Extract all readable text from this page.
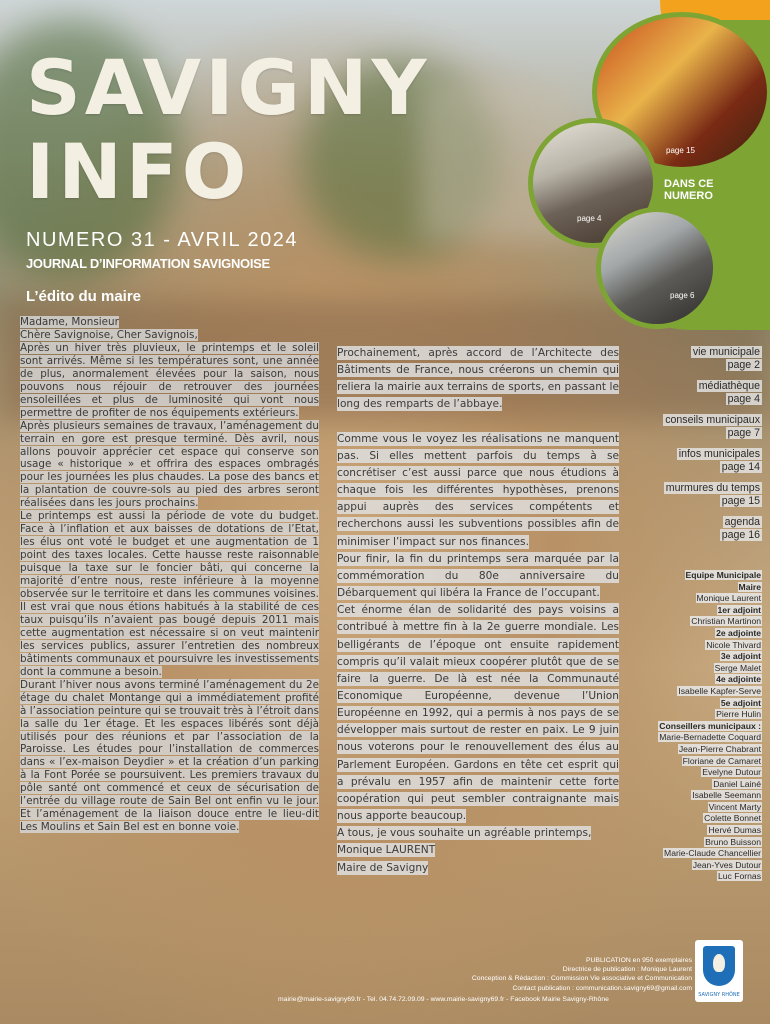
SAVIGNY
INFO
NUMERO 31 - AVRIL 2024
JOURNAL D’INFORMATION SAVIGNOISE
L’édito du maire
page 15
page 4
page 6
DANS CE
NUMERO

Madame, Monsieur

Chère Savignoise, Cher Savignois,

Après un hiver très pluvieux, le printemps et le soleil sont arrivés. Même si les températures sont, une année de plus, anormalement élevées pour la saison, nous pouvons nous réjouir de retrouver des journées ensoleillées et plus de luminosité qui vont nous permettre de profiter de nos équipements extérieurs.

Après plusieurs semaines de travaux, l’aménagement du terrain en gore est presque terminé. Dès avril, nous allons pouvoir apprécier cet espace qui conserve son usage « historique » et offrira des espaces ombragés pour les journées les plus chaudes. La pose des bancs et la plantation de couvre-sols au pied des arbres seront réalisées dans les jours prochains.

Le printemps est aussi la période de vote du budget. Face à l’inflation et aux baisses de dotations de l’Etat, les élus ont voté le budget et une augmentation de 1 point des taxes locales. Cette hausse reste raisonnable puisque la taxe sur le foncier bâti, qui concerne la majorité d’entre nous, reste inférieure à la moyenne observée sur le territoire et dans les communes voisines. Il est vrai que nous étions habitués à la stabilité de ces taux puisqu’ils n’avaient pas bougé depuis 2011 mais cette augmentation est nécessaire si on veut maintenir les services publics, assurer l’entretien des nombreux bâtiments communaux et poursuivre les investissements dont la commune a besoin.

Durant l’hiver nous avons terminé l’aménagement du 2e étage du chalet Montange qui a immédiatement profité à l’association peinture qui se trouvait très à l’étroit dans la salle du 1er étage. Et les espaces libérés sont déjà utilisés pour des réunions et par l’association de la Paroisse. Les études pour l’installation de commerces dans « l’ex-maison Deydier » et la création d’un parking à la Font Porée se poursuivent. Les premiers travaux du pôle santé ont commencé et ceux de sécurisation de l’entrée du village route de Sain Bel ont enfin vu le jour. Et l’aménagement de la liaison douce entre le lieu-dit Les Moulins et Sain Bel est en bonne voie.

Prochainement, après accord de l’Architecte des Bâtiments de France, nous créerons un chemin qui reliera la mairie aux terrains de sports, en passant le long des remparts de l’abbaye.

Comme vous le voyez les réalisations ne manquent pas. Si elles mettent parfois du temps à se concrétiser c’est aussi parce que nous étudions à chaque fois les différentes hypothèses, prenons appui auprès des services compétents et recherchons aussi les subventions possibles afin de minimiser l’impact sur nos finances.

Pour finir, la fin du printemps sera marquée par la commémoration du 80e anniversaire du Débarquement qui libéra la France de l’occupant.

Cet énorme élan de solidarité des pays voisins a contribué à mettre fin à la 2e guerre mondiale. Les belligérants de l’époque ont ensuite rapidement compris qu’il valait mieux coopérer plutôt que de se faire la guerre. De là est née la Communauté Economique Européenne, devenue l’Union Européenne en 1992, qui a permis à nos pays de se développer mais surtout de rester en paix. Le 9 juin nous voterons pour le renouvellement des élus au Parlement Européen. Gardons en tête cet esprit qui a prévalu en 1957 afin de maintenir cette forte coopération qui peut sembler contraignante mais nous apporte beaucoup.

A tous, je vous souhaite un agréable printemps,

Monique LAURENT

Maire de Savigny

vie municipale
page 2
médiathèque
page 4
conseils municipaux
page 7
infos municipales
page 14
murmures du temps
page 15
agenda
page 16
Equipe Municipale
Maire
Monique Laurent
1er adjoint
Christian Martinon
2e adjointe
Nicole Thivard
3e adjoint
Serge Malet
4e adjointe
Isabelle Kapfer-Serve
5e adjoint
Pierre Hulin
Conseillers municipaux :
Marie-Bernadette Coquard
Jean-Pierre Chabrant
Floriane de Camaret
Evelyne Dutour
Daniel Lainé
Isabelle Seemann
Vincent Marty
Colette Bonnet
Hervé Dumas
Bruno Buisson
Marie-Claude Chancellier
Jean-Yves Dutour
Luc Fornas
PUBLICATION en 950 exemplaires
Directrice de publication : Monique Laurent
Conception & Rédaction : Commission Vie associative et Communication
Contact publication : communication.savigny69@gmail.com
mairie@mairie-savigny69.fr - Tel. 04.74.72.09.09 - www.mairie-savigny69.fr - Facebook Mairie Savigny-Rhône
SAVIGNY RHÔNE
